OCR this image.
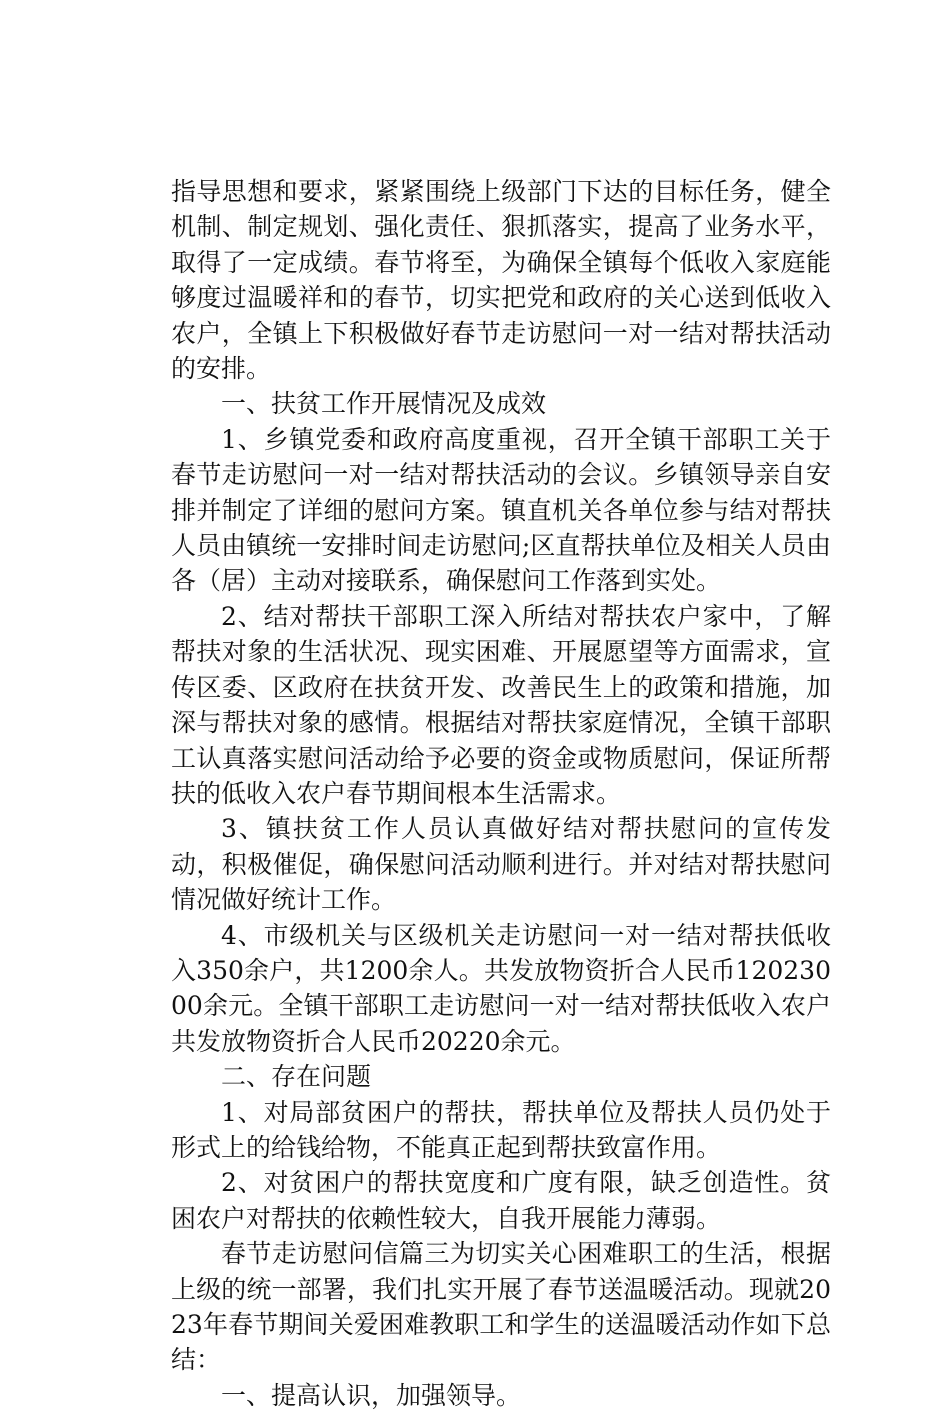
指导思想和要求，紧紧围绕上级部门下达的目标任务，健全机制、制定规划、强化责任、狠抓落实，提高了业务水平，取得了一定成绩。春节将至，为确保全镇每个低收入家庭能够度过温暖祥和的春节，切实把党和政府的关心送到低收入农户，全镇上下积极做好春节走访慰问一对一结对帮扶活动的安排。

一、扶贫工作开展情况及成效

1、乡镇党委和政府高度重视，召开全镇干部职工关于春节走访慰问一对一结对帮扶活动的会议。乡镇领导亲自安排并制定了详细的慰问方案。镇直机关各单位参与结对帮扶人员由镇统一安排时间走访慰问;区直帮扶单位及相关人员由各（居）主动对接联系，确保慰问工作落到实处。

2、结对帮扶干部职工深入所结对帮扶农户家中，了解帮扶对象的生活状况、现实困难、开展愿望等方面需求，宣传区委、区政府在扶贫开发、改善民生上的政策和措施，加深与帮扶对象的感情。根据结对帮扶家庭情况，全镇干部职工认真落实慰问活动给予必要的资金或物质慰问，保证所帮扶的低收入农户春节期间根本生活需求。

3、镇扶贫工作人员认真做好结对帮扶慰问的宣传发动，积极催促，确保慰问活动顺利进行。并对结对帮扶慰问情况做好统计工作。

4、市级机关与区级机关走访慰问一对一结对帮扶低收入350余户，共1200余人。共发放物资折合人民币12023000余元。全镇干部职工走访慰问一对一结对帮扶低收入农户共发放物资折合人民币20220余元。

二、存在问题

1、对局部贫困户的帮扶，帮扶单位及帮扶人员仍处于形式上的给钱给物，不能真正起到帮扶致富作用。

2、对贫困户的帮扶宽度和广度有限，缺乏创造性。贫困农户对帮扶的依赖性较大，自我开展能力薄弱。

春节走访慰问信篇三为切实关心困难职工的生活，根据上级的统一部署，我们扎实开展了春节送温暖活动。现就2023年春节期间关爱困难教职工和学生的送温暖活动作如下总结：

一、提高认识，加强领导。
